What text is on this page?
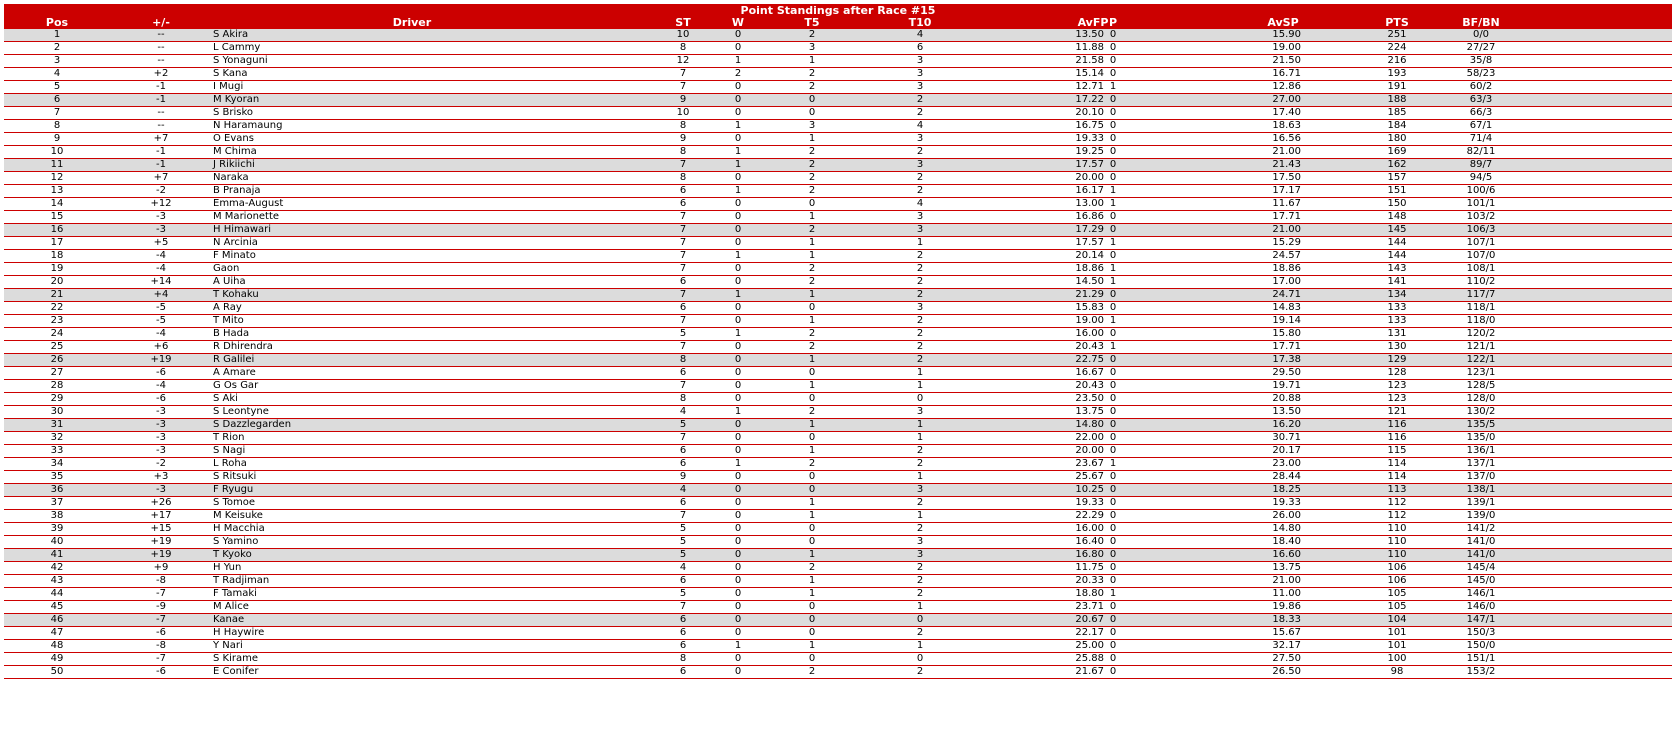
Point Standings after Race #15
Pos	+/-	Driver	ST	W	T5	T10	AvFP P	AvSP	PTS	BF/BN
1	--	S Akira	10	0	2	4	13.50 0	15.90	251	0/0
2	--	L Cammy	8	0	3	6	11.88 0	19.00	224	27/27
3	--	S Yonaguni	12	1	1	3	21.58 0	21.50	216	35/8
4	+2	S Kana	7	2	2	3	15.14 0	16.71	193	58/23
5	-1	I Mugi	7	0	2	3	12.71 1	12.86	191	60/2
6	-1	M Kyoran	9	0	0	2	17.22 0	27.00	188	63/3
7	--	S Brisko	10	0	0	2	20.10 0	17.40	185	66/3
8	--	N Haramaung	8	1	3	4	16.75 0	18.63	184	67/1
9	+7	O Evans	9	0	1	3	19.33 0	16.56	180	71/4
10	-1	M Chima	8	1	2	2	19.25 0	21.00	169	82/11
11	-1	J Rikiichi	7	1	2	3	17.57 0	21.43	162	89/7
12	+7	Naraka	8	0	2	2	20.00 0	17.50	157	94/5
13	-2	B Pranaja	6	1	2	2	16.17 1	17.17	151	100/6
14	+12	Emma-August	6	0	0	4	13.00 1	11.67	150	101/1
15	-3	M Marionette	7	0	1	3	16.86 0	17.71	148	103/2
16	-3	H Himawari	7	0	2	3	17.29 0	21.00	145	106/3
17	+5	N Arcinia	7	0	1	1	17.57 1	15.29	144	107/1
18	-4	F Minato	7	1	1	2	20.14 0	24.57	144	107/0
19	-4	Gaon	7	0	2	2	18.86 1	18.86	143	108/1
20	+14	A Uiha	6	0	2	2	14.50 1	17.00	141	110/2
21	+4	T Kohaku	7	1	1	2	21.29 0	24.71	134	117/7
22	-5	A Ray	6	0	0	3	15.83 0	14.83	133	118/1
23	-5	T Mito	7	0	1	2	19.00 1	19.14	133	118/0
24	-4	B Hada	5	1	2	2	16.00 0	15.80	131	120/2
25	+6	R Dhirendra	7	0	2	2	20.43 1	17.71	130	121/1
26	+19	R Galilei	8	0	1	2	22.75 0	17.38	129	122/1
27	-6	A Amare	6	0	0	1	16.67 0	29.50	128	123/1
28	-4	G Os Gar	7	0	1	1	20.43 0	19.71	123	128/5
29	-6	S Aki	8	0	0	0	23.50 0	20.88	123	128/0
30	-3	S Leontyne	4	1	2	3	13.75 0	13.50	121	130/2
31	-3	S Dazzlegarden	5	0	1	1	14.80 0	16.20	116	135/5
32	-3	T Rion	7	0	0	1	22.00 0	30.71	116	135/0
33	-3	S Nagi	6	0	1	2	20.00 0	20.17	115	136/1
34	-2	L Roha	6	1	2	2	23.67 1	23.00	114	137/1
35	+3	S Ritsuki	9	0	0	1	25.67 0	28.44	114	137/0
36	-3	F Ryugu	4	0	0	3	10.25 0	18.25	113	138/1
37	+26	S Tomoe	6	0	1	2	19.33 0	19.33	112	139/1
38	+17	M Keisuke	7	0	1	1	22.29 0	26.00	112	139/0
39	+15	H Macchia	5	0	0	2	16.00 0	14.80	110	141/2
40	+19	S Yamino	5	0	0	3	16.40 0	18.40	110	141/0
41	+19	T Kyoko	5	0	1	3	16.80 0	16.60	110	141/0
42	+9	H Yun	4	0	2	2	11.75 0	13.75	106	145/4
43	-8	T Radjiman	6	0	1	2	20.33 0	21.00	106	145/0
44	-7	F Tamaki	5	0	1	2	18.80 1	11.00	105	146/1
45	-9	M Alice	7	0	0	1	23.71 0	19.86	105	146/0
46	-7	Kanae	6	0	0	0	20.67 0	18.33	104	147/1
47	-6	H Haywire	6	0	0	2	22.17 0	15.67	101	150/3
48	-8	Y Nari	6	1	1	1	25.00 0	32.17	101	150/0
49	-7	S Kirame	8	0	0	0	25.88 0	27.50	100	151/1
50	-6	E Conifer	6	0	2	2	21.67 0	26.50	98	153/2
